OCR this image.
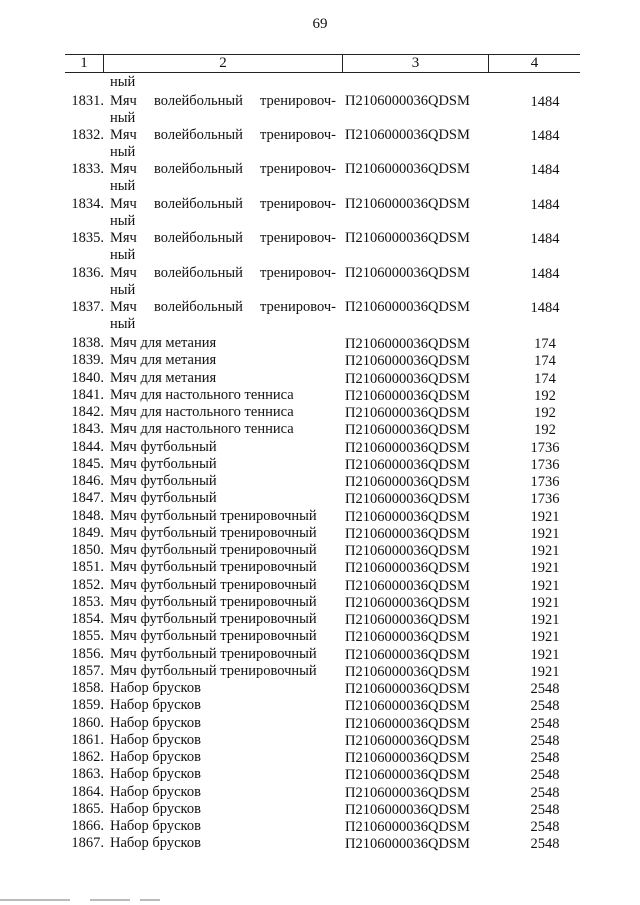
69
1	2	3	4
ный
1831. Мяч волейбольный тренировоч- П2106000036QDSM	1484
ный
1832. Мяч волейбольный тренировоч- П2106000036QDSM	1484
ный
1833. Мяч волейбольный тренировоч- П2106000036QDSM	1484
ный
1834. Мяч волейбольный тренировоч- П2106000036QDSM	1484
ный
1835. Мяч волейбольный тренировоч- П2106000036QDSM	1484
ный
1836. Мяч волейбольный тренировоч- П2106000036QDSM	1484
ный
1837. Мяч волейбольный тренировоч- П2106000036QDSM	1484
ный
1838. Мяч для метания	П2106000036QDSM	174
1839. Мяч для метания	П2106000036QDSM	174
1840. Мяч для метания	П2106000036QDSM	174
1841. Мяч для настольного тенниса	П2106000036QDSM	192
1842. Мяч для настольного тенниса	П2106000036QDSM	192
1843. Мяч для настольного тенниса	П2106000036QDSM	192
1844. Мяч футбольный	П2106000036QDSM	1736
1845. Мяч футбольный	П2106000036QDSM	1736
1846. Мяч футбольный	П2106000036QDSM	1736
1847. Мяч футбольный	П2106000036QDSM	1736
1848. Мяч футбольный тренировочный	П2106000036QDSM	1921
1849. Мяч футбольный тренировочный	П2106000036QDSM	1921
1850. Мяч футбольный тренировочный	П2106000036QDSM	1921
1851. Мяч футбольный тренировочный	П2106000036QDSM	1921
1852. Мяч футбольный тренировочный	П2106000036QDSM	1921
1853. Мяч футбольный тренировочный	П2106000036QDSM	1921
1854. Мяч футбольный тренировочный	П2106000036QDSM	1921
1855. Мяч футбольный тренировочный	П2106000036QDSM	1921
1856. Мяч футбольный тренировочный	П2106000036QDSM	1921
1857. Мяч футбольный тренировочный	П2106000036QDSM	1921
1858. Набор брусков	П2106000036QDSM	2548
1859. Набор брусков	П2106000036QDSM	2548
1860. Набор брусков	П2106000036QDSM	2548
1861. Набор брусков	П2106000036QDSM	2548
1862. Набор брусков	П2106000036QDSM	2548
1863. Набор брусков	П2106000036QDSM	2548
1864. Набор брусков	П2106000036QDSM	2548
1865. Набор брусков	П2106000036QDSM	2548
1866. Набор брусков	П2106000036QDSM	2548
1867. Набор брусков	П2106000036QDSM	2548
